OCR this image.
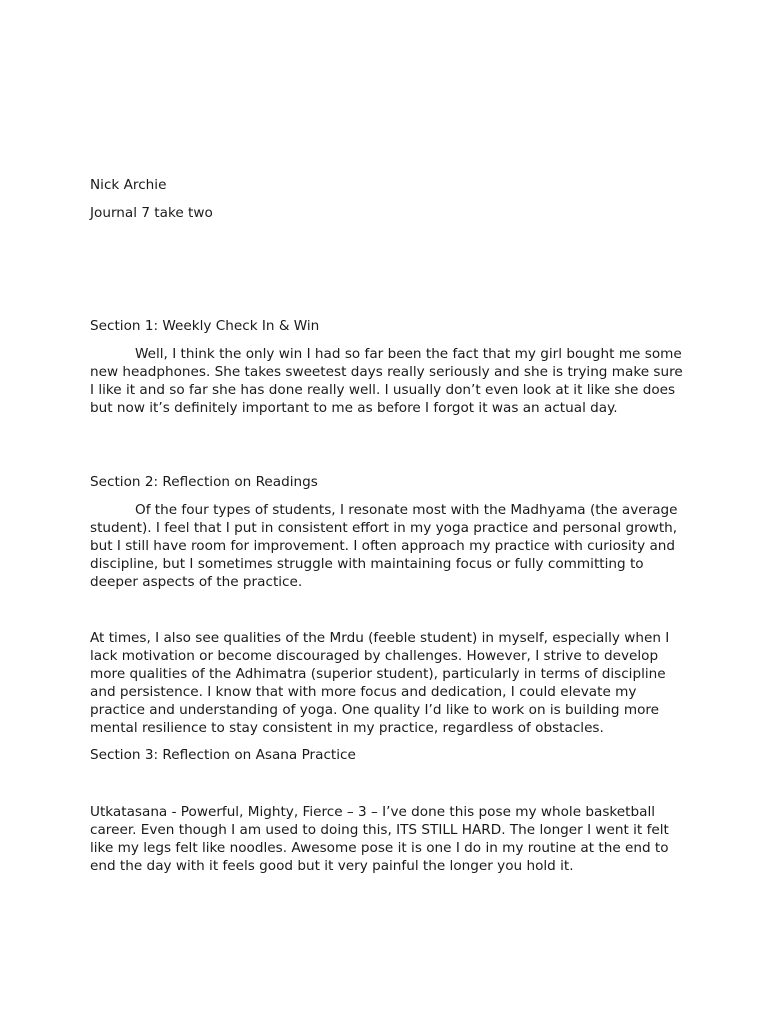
Nick Archie

Journal 7 take two

Section 1: Weekly Check In & Win

Well, I think the only win I had so far been the fact that my girl bought me some new headphones. She takes sweetest days really seriously and she is trying make sure I like it and so far she has done really well. I usually don’t even look at it like she does but now it’s definitely important to me as before I forgot it was an actual day.

Section 2: Reflection on Readings

Of the four types of students, I resonate most with the Madhyama (the average student). I feel that I put in consistent effort in my yoga practice and personal growth, but I still have room for improvement. I often approach my practice with curiosity and discipline, but I sometimes struggle with maintaining focus or fully committing to deeper aspects of the practice.

At times, I also see qualities of the Mrdu (feeble student) in myself, especially when I lack motivation or become discouraged by challenges. However, I strive to develop more qualities of the Adhimatra (superior student), particularly in terms of discipline and persistence. I know that with more focus and dedication, I could elevate my practice and understanding of yoga. One quality I’d like to work on is building more mental resilience to stay consistent in my practice, regardless of obstacles.

Section 3: Reflection on Asana Practice

Utkatasana - Powerful, Mighty, Fierce – 3 – I’ve done this pose my whole basketball career. Even though I am used to doing this, ITS STILL HARD. The longer I went it felt like my legs felt like noodles. Awesome pose it is one I do in my routine at the end to end the day with it feels good but it very painful the longer you hold it.
